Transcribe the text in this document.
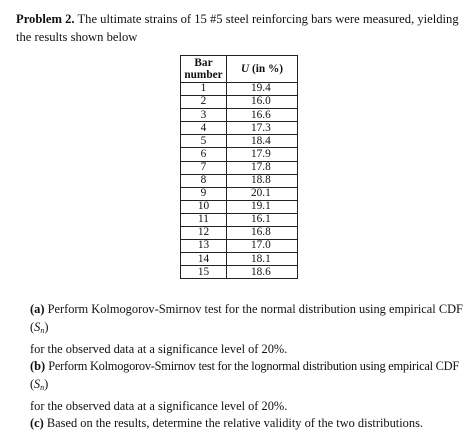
Problem 2. The ultimate strains of 15 #5 steel reinforcing bars were measured, yielding the results shown below
Bar
number	U (in %)
1	19.4
2	16.0
3	16.6
4	17.3
5	18.4
6	17.9
7	17.8
8	18.8
9	20.1
10	19.1
11	16.1
12	16.8
13	17.0
14	18.1
15	18.6
(a) Perform Kolmogorov-Smirnov test for the normal distribution using empirical CDF (Sn)
for the observed data at a significance level of 20%.
(b) Perform Kolmogorov-Smirnov test for the lognormal distribution using empirical CDF (Sn)
for the observed data at a significance level of 20%.
(c) Based on the results, determine the relative validity of the two distributions.
